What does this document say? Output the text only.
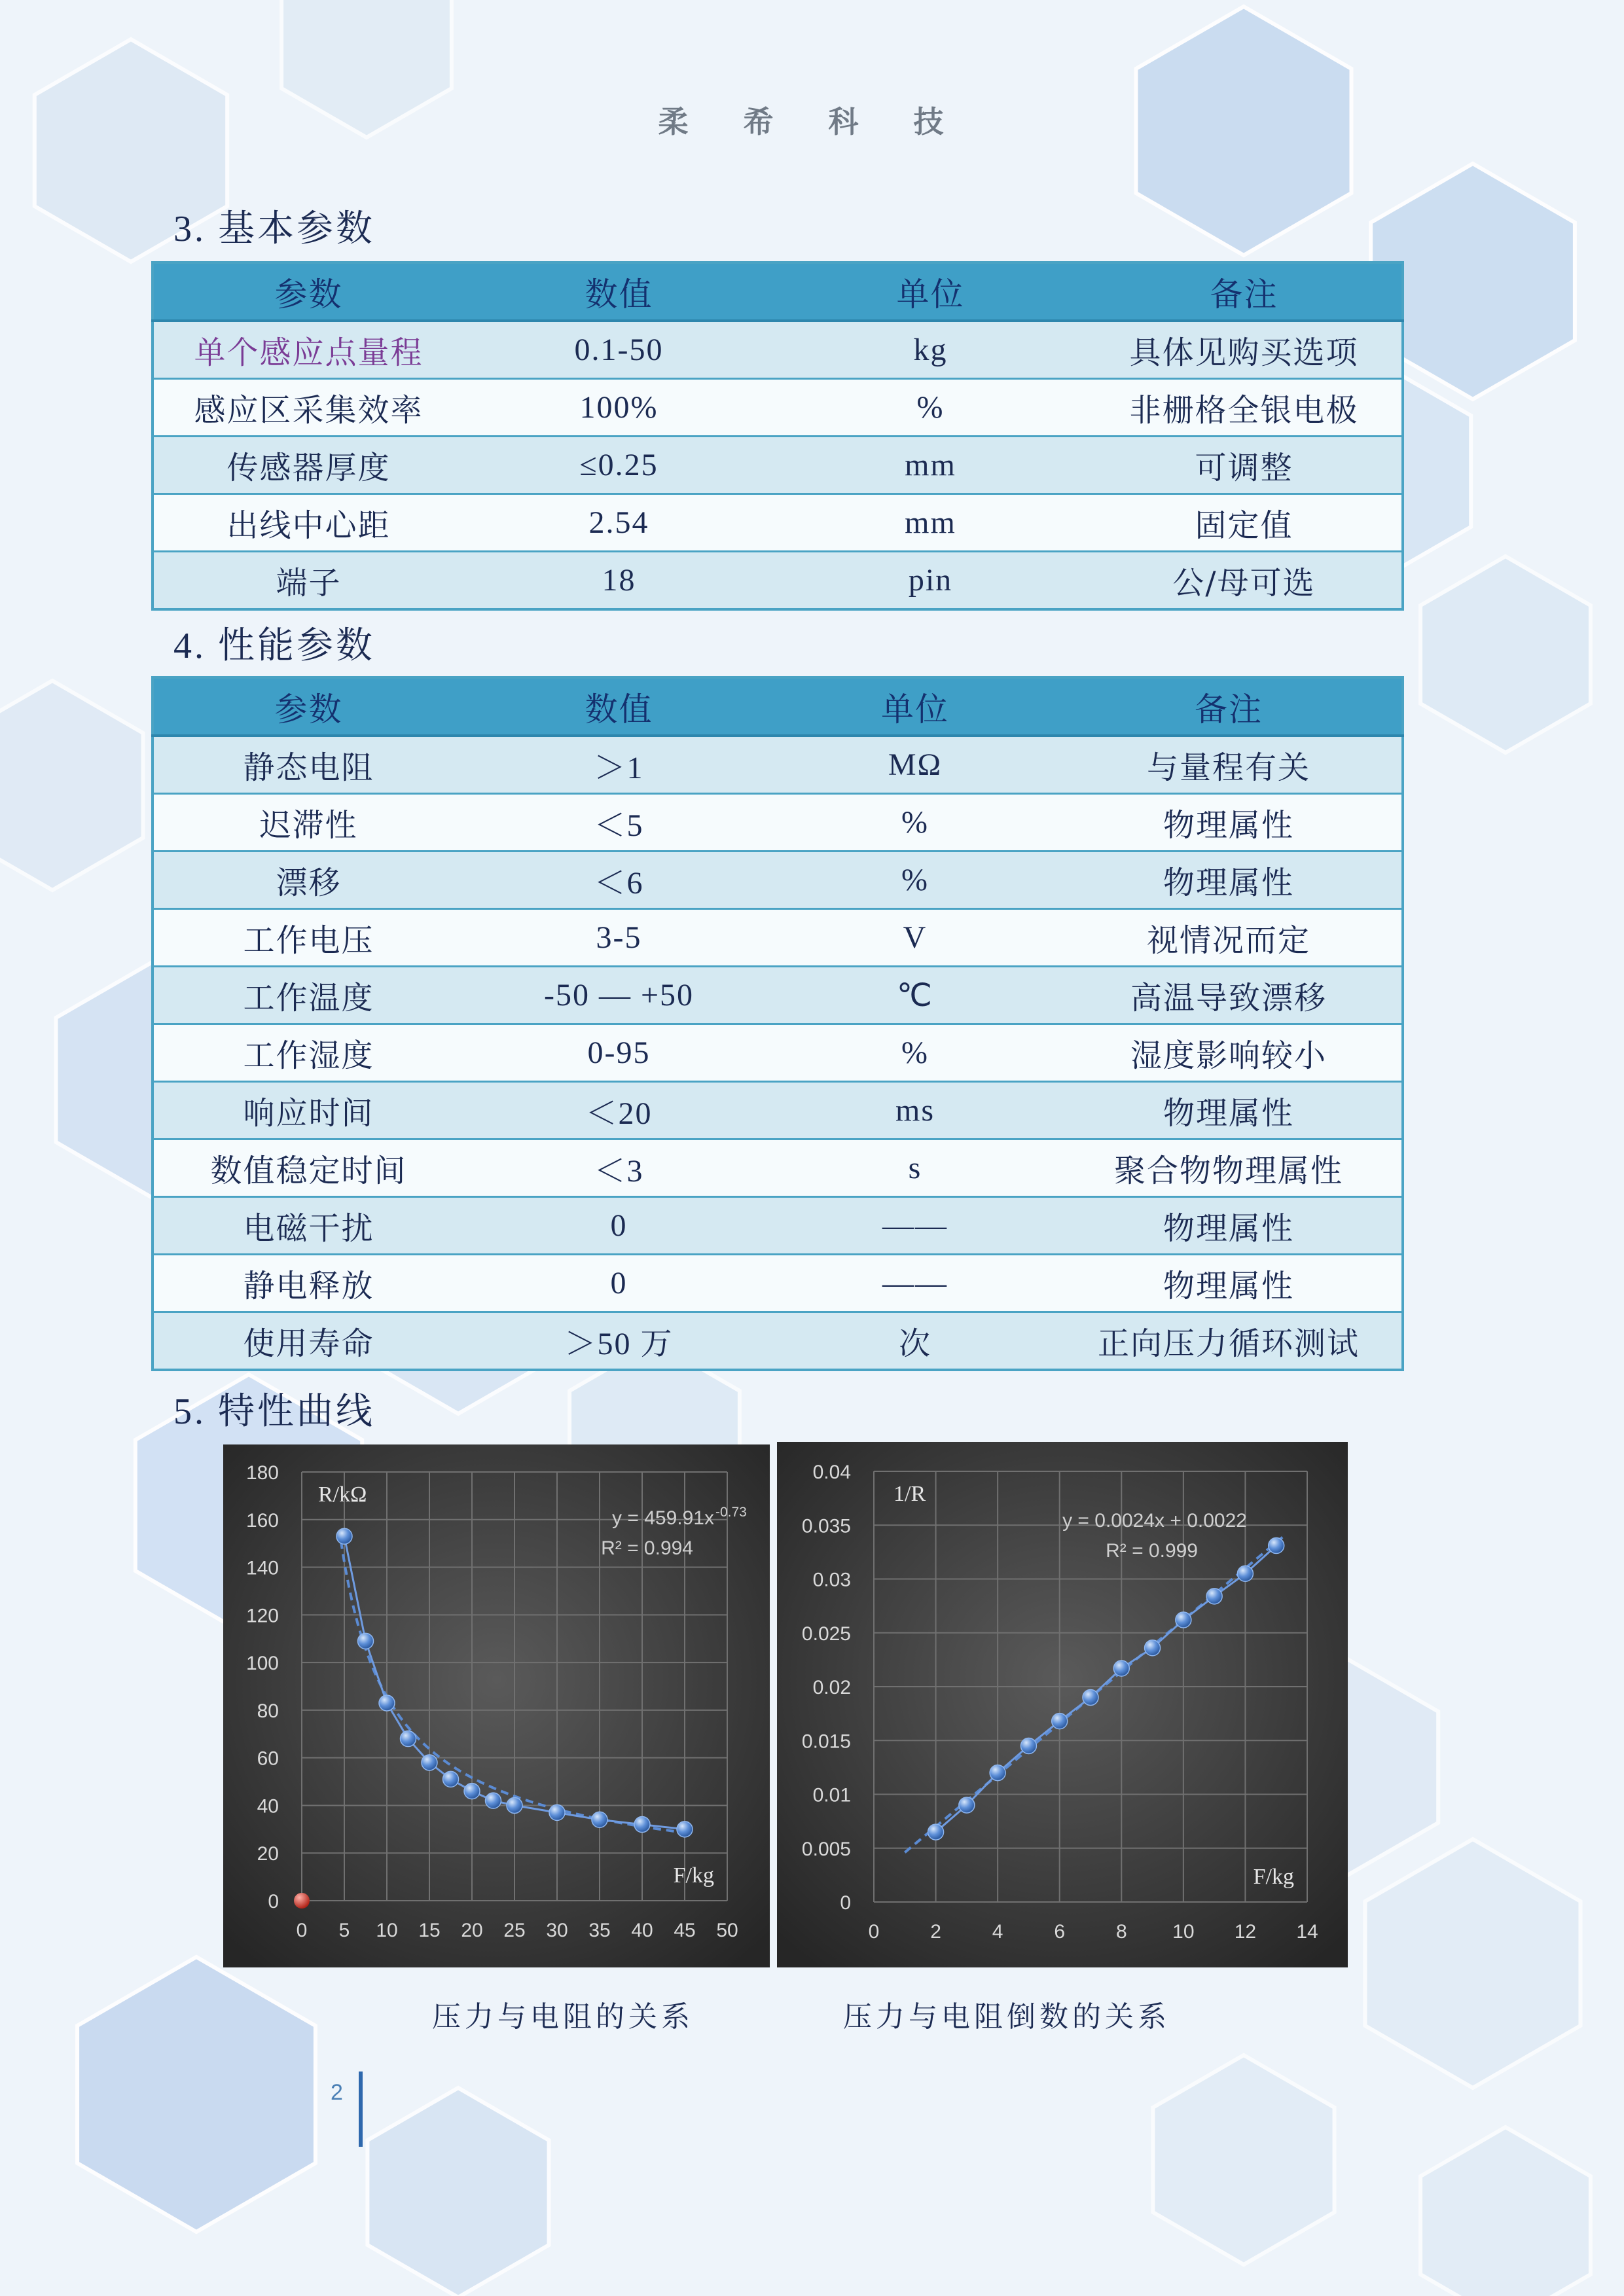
柔 希 科 技
3. 基本参数
参数	数值	单位	备注
单个感应点量程	0.1-50	kg	具体见购买选项
感应区采集效率	100%	%	非栅格全银电极
传感器厚度	≤0.25	mm	可调整
出线中心距	2.54	mm	固定值
端子	18	pin	公/母可选
4. 性能参数
参数	数值	单位	备注
静态电阻	＞1	MΩ	与量程有关
迟滞性	＜5	%	物理属性
漂移	＜6	%	物理属性
工作电压	3-5	V	视情况而定
工作温度	-50 — +50	℃	高温导致漂移
工作湿度	0-95	%	湿度影响较小
响应时间	＜20	ms	物理属性
数值稳定时间	＜3	s	聚合物物理属性
电磁干扰	0	——	物理属性
静电释放	0	——	物理属性
使用寿命	＞50 万	次	正向压力循环测试
5. 特性曲线
0 5 10 15 20 25 30 35 40 45 50
0
20
40
60
80
100
120
140
160
180
R/kΩ
F/kg
y = 459.91x -0.73
R² = 0.994
0	2	4	6	8 10 12 14
0
0.005
0.01
0.015
0.02
0.025
0.03
0.035
0.04
1/R
F/kg
y = 0.0024x + 0.0022
R² = 0.999
压力与电阻的关系	压力与电阻倒数的关系
2
